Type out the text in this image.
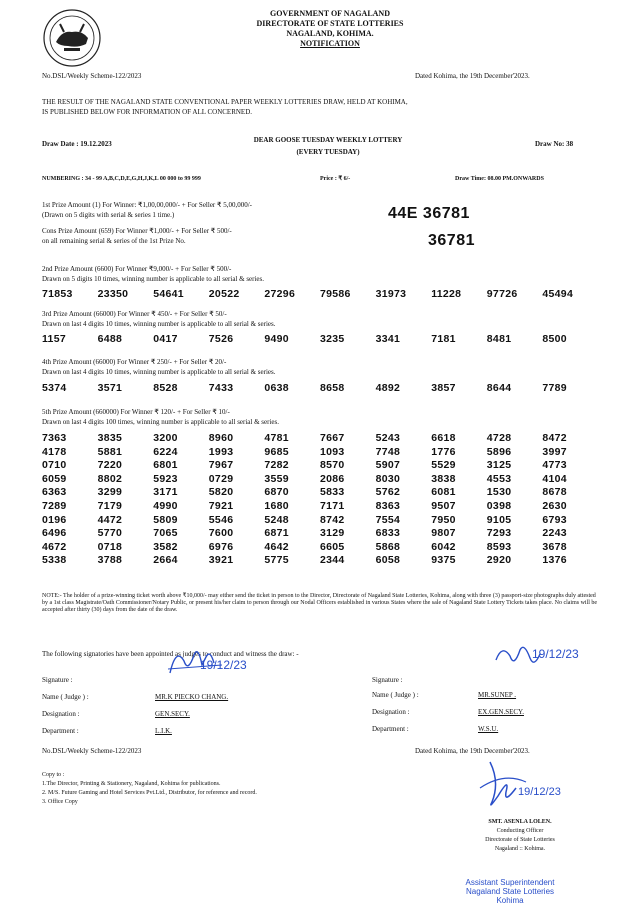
GOVERNMENT OF NAGALAND
DIRECTORATE OF STATE LOTTERIES
NAGALAND, KOHIMA.
NOTIFICATION
No.DSL/Weekly Scheme-122/2023	Dated Kohima, the 19th December'2023.
THE RESULT OF THE NAGALAND STATE CONVENTIONAL PAPER WEEKLY LOTTERIES DRAW, HELD AT KOHIMA,
IS PUBLISHED BELOW FOR INFORMATION OF ALL CONCERNED.
Draw Date : 19.12.2023	DEAR GOOSE TUESDAY WEEKLY LOTTERY
(EVERY TUESDAY)
Draw No: 38
NUMBERING : 34 - 99 A,B,C,D,E,G,H,J,K,L 00 000 to 99 999	Price : ₹ 6/-	Draw Time: 08.00 PM.ONWARDS
1st Prize Amount (1) For Winner: ₹1,00,00,000/- + For Seller ₹ 5,00,000/-
(Drawn on 5 digits with serial & series 1 time.)	44E 36781
Cons Prize Amount (659) For Winner ₹1,000/- + For Seller ₹ 500/-
on all remaining serial & series of the 1st Prize No.	36781
2nd Prize Amount (6600) For Winner ₹9,000/- + For Seller ₹ 500/-
Drawn on 5 digits 10 times, winning number is applicable to all serial & series.
71853	23350	54641	20522	27296	79586	31973	11228	97726	45494
3rd Prize Amount (66000) For Winner ₹ 450/- + For Seller ₹ 50/-
Drawn on last 4 digits 10 times, winning number is applicable to all serial & series.
1157	6488	0417	7526	9490	3235	3341	7181	8481	8500
4th Prize Amount (66000) For Winner ₹ 250/- + For Seller ₹ 20/-
Drawn on last 4 digits 10 times, winning number is applicable to all serial & series.
5374	3571	8528	7433	0638	8658	4892	3857	8644	7789
5th Prize Amount (660000) For Winner ₹ 120/- + For Seller ₹ 10/-
Drawn on last 4 digits 100 times, winning number is applicable to all serial & series.
7363	3835	3200	8960	4781	7667	5243	6618	4728	8472
4178	5881	6224	1993	9685	1093	7748	1776	5896	3997
0710	7220	6801	7967	7282	8570	5907	5529	3125	4773
6059	8802	5923	0729	3559	2086	8030	3838	4553	4104
6363	3299	3171	5820	6870	5833	5762	6081	1530	8678
7289	7179	4990	7921	1680	7171	8363	9507	0398	2630
0196	4472	5809	5546	5248	8742	7554	7950	9105	6793
6496	5770	7065	7600	6871	3129	6833	9807	7293	2243
4672	0718	3582	6976	4642	6605	5868	6042	8593	3678
5338	3788	2664	3921	5775	2344	6058	9375	2920	1376
NOTE:- The holder of a prize-winning ticket worth above ₹10,000/- may either send the ticket in person to the Director, Directorate of Nagaland State Lotteries, Kohima, along with three (3) passport-size photographs duly attested by a 1st class Magistrate/Oath Commissioner/Notary Public, or present his/her claim to person through our Nodal Officers established in various States where the sale of Nagaland State Lottery Tickets takes place. No claims will be accepted after thirty (30) days from the date of the draw.
The following signatories have been appointed as judges to conduct and witness the draw: -
19/12/23
19/12/23
Signature :
Name ( Judge ) :	MR.K PIECKO CHANG.
Designation :	GEN.SECY.
Department :	L.I.K.
Signature :
Name ( Judge ) :	MR.SUNEP .
Designation :	EX.GEN.SECY.
Department :	W.S.U.
No.DSL/Weekly Scheme-122/2023	Dated Kohima, the 19th December'2023.
Copy to :
1.The Director, Printing & Stationery, Nagaland, Kohima for publications.
2. M/S. Future Gaming and Hotel Services Pvt.Ltd., Distributor, for reference and record.
3. Office Copy
19/12/23
SMT. ASENLA LOLEN.
Conducting Officer
Directorate of State Lotteries
Nagaland :: Kohima.
Assistant Superintendent
Nagaland State Lotteries
Kohima
